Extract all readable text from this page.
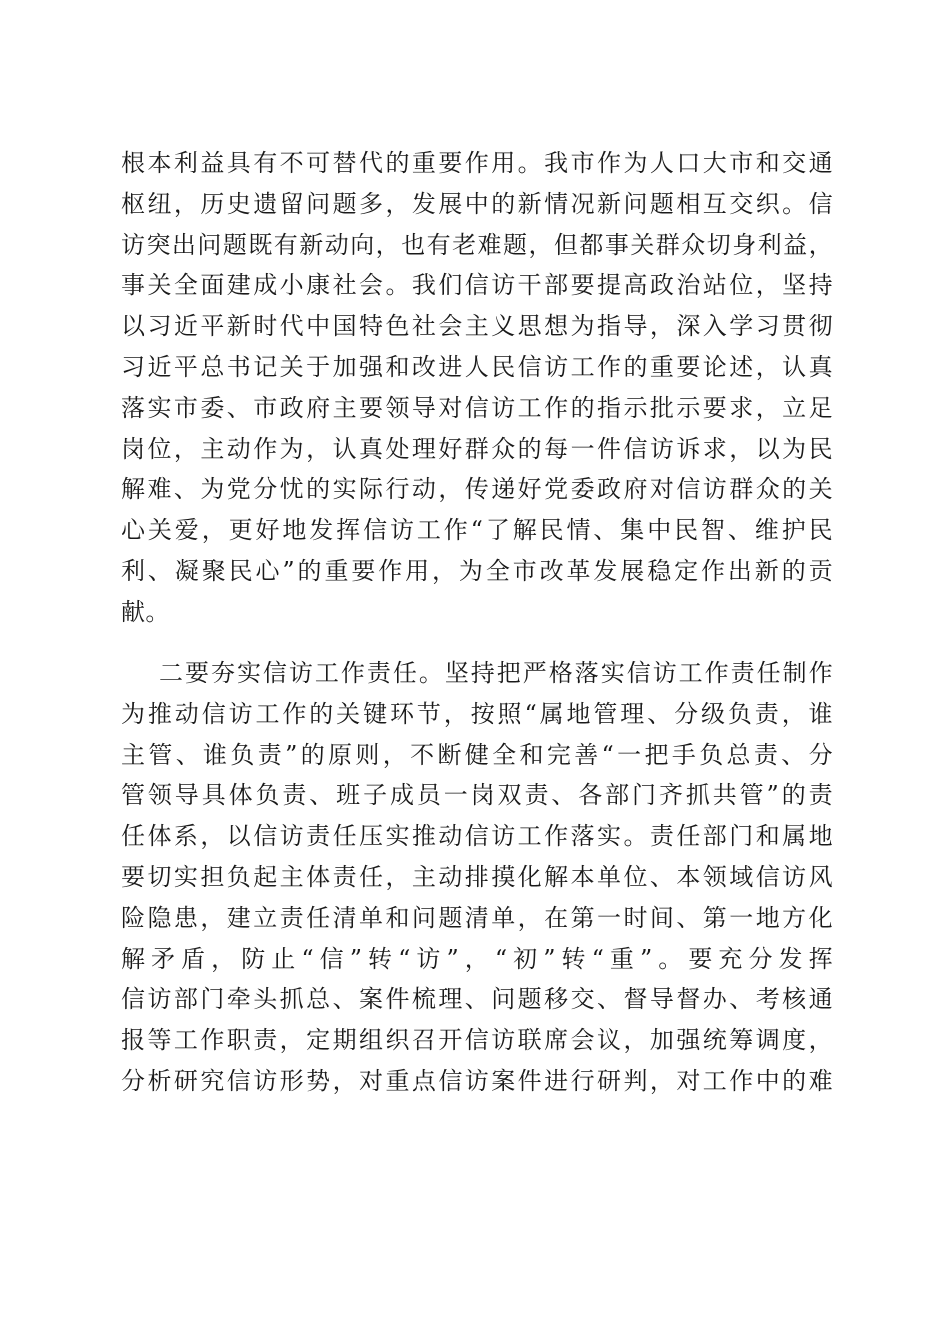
根本利益具有不可替代的重要作用。我市作为人口大市和交通
枢纽，历史遗留问题多，发展中的新情况新问题相互交织。信
访突出问题既有新动向，也有老难题，但都事关群众切身利益，
事关全面建成小康社会。我们信访干部要提高政治站位，坚持
以习近平新时代中国特色社会主义思想为指导，深入学习贯彻
习近平总书记关于加强和改进人民信访工作的重要论述，认真
落实市委、市政府主要领导对信访工作的指示批示要求，立足
岗位，主动作为，认真处理好群众的每一件信访诉求，以为民
解难、为党分忧的实际行动，传递好党委政府对信访群众的关
心关爱，更好地发挥信访工作“了解民情、集中民智、维护民
利、凝聚民心”的重要作用，为全市改革发展稳定作出新的贡
献。
二要夯实信访工作责任。坚持把严格落实信访工作责任制作
为推动信访工作的关键环节，按照“属地管理、分级负责，谁
主管、谁负责”的原则，不断健全和完善“一把手负总责、分
管领导具体负责、班子成员一岗双责、各部门齐抓共管”的责
任体系，以信访责任压实推动信访工作落实。责任部门和属地
要切实担负起主体责任，主动排摸化解本单位、本领域信访风
险隐患，建立责任清单和问题清单，在第一时间、第一地方化
解矛盾，防止“信”转“访”，“初”转“重”。要充分发挥
信访部门牵头抓总、案件梳理、问题移交、督导督办、考核通
报等工作职责，定期组织召开信访联席会议，加强统筹调度，
分析研究信访形势，对重点信访案件进行研判，对工作中的难
